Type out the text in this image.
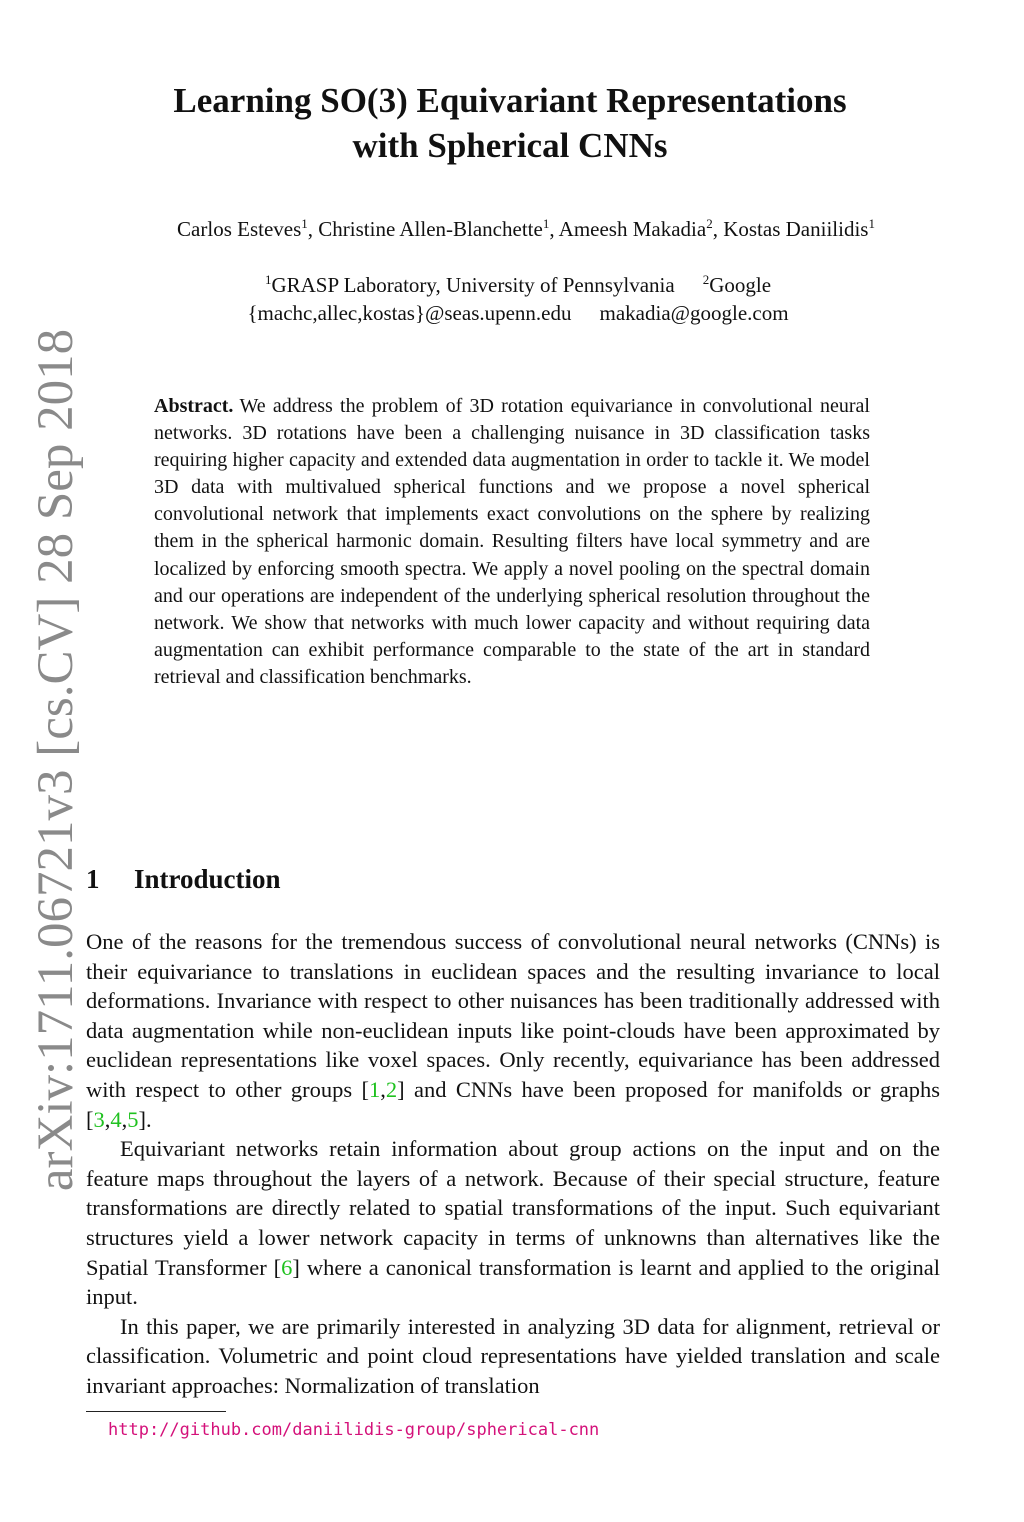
arXiv:1711.06721v3 [cs.CV] 28 Sep 2018
Learning SO(3) Equivariant Representations
with Spherical CNNs
Carlos Esteves$^1$, Christine Allen-Blanchette$^1$, Ameesh Makadia$^2$, Kostas Daniilidis$^1$
$^1$GRASP Laboratory, University of Pennsylvania $^2$Google
{machc,allec,kostas}@seas.upenn.edu makadia@google.com
Abstract. We address the problem of 3D rotation equivariance in convolutional neural networks. 3D rotations have been a challenging nuisance in 3D classification tasks requiring higher capacity and extended data augmentation in order to tackle it. We model 3D data with multivalued spherical functions and we propose a novel spherical convolutional network that implements exact convolutions on the sphere by realizing them in the spherical harmonic domain. Resulting filters have local symmetry and are localized by enforcing smooth spectra. We apply a novel pooling on the spectral domain and our operations are independent of the underlying spherical resolution throughout the network. We show that networks with much lower capacity and without requiring data augmentation can exhibit performance comparable to the state of the art in standard retrieval and classification benchmarks.
1 Introduction

One of the reasons for the tremendous success of convolutional neural networks (CNNs) is their equivariance to translations in euclidean spaces and the resulting invariance to local deformations. Invariance with respect to other nuisances has been traditionally addressed with data augmentation while non-euclidean inputs like point-clouds have been approximated by euclidean representations like voxel spaces. Only recently, equivariance has been addressed with respect to other groups [1,2] and CNNs have been proposed for manifolds or graphs [3,4,5].

Equivariant networks retain information about group actions on the input and on the feature maps throughout the layers of a network. Because of their special structure, feature transformations are directly related to spatial transformations of the input. Such equivariant structures yield a lower network capacity in terms of unknowns than alternatives like the Spatial Transformer [6] where a canonical transformation is learnt and applied to the original input.

In this paper, we are primarily interested in analyzing 3D data for alignment, retrieval or classification. Volumetric and point cloud representations have yielded translation and scale invariant approaches: Normalization of translation

http://github.com/daniilidis-group/spherical-cnn
